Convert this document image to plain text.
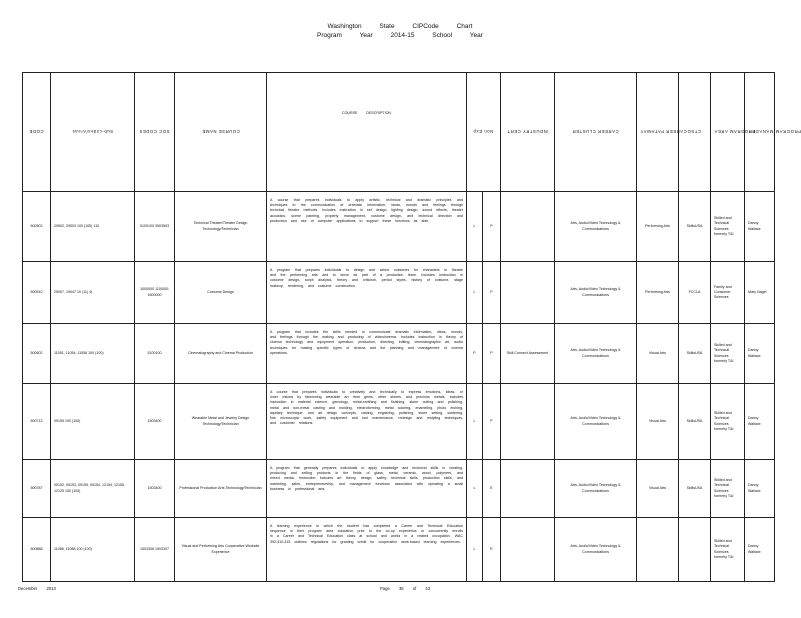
Washington State CIPCode Chart
Program Year 2014-15 School Year
CODE	Sub-codes/Areas	SOC CODES	COURSE NAME	COURSE DESCRIPTION	Non Exp		INDUSTRY CERT	CAREER CLUSTER	CAREER PATHWAY	CTSO	PROGRAM AREA	PROGRAM MANAGER
500502	29502, 29503 100 (105) 110	5100100 3503503	Technical Theater/Theater Design Technology/Technician	A course that prepares individuals to apply artistic, technical and dramatic principles and techniques to the communication of dramatic information, ideas, moods and feelings through technical theatre methods. Includes instruction in set design, lighting design, sound effects, theater acoustics, scene painting, property management, costume design, and technical direction and production and use of computer applications to support these functions as able.	L	P		Arts, Audio/Video Technology & Communications	Performing Arts	SkillsUSA	Skilled and Technical Sciences formerly T&I	Danny Wallace
500510	29007, 19047 10 (11) 4)	1000000 1100001 1600000	Costume Design	A program that prepares individuals to design and select costumes for characters in theatre and the performing arts and to serve as part of a production team. Includes instruction in costume design, script analysis, theory and criticism, period styles, history of costume, stage makeup, rendering, and costume construction.	L	P		Arts, Audio/Video Technology & Communications	Performing Arts	FCCLA	Family and Consumer Sciences	Mary Nagel
500602	11051, 11054, 11058 100 (100)	5100100	Cinematography and Cinema Production	A program that includes the skills needed to communicate dramatic information, ideas, moods, and feelings through the making and producing of video/cinema. Includes instruction in theory of cinema technology and equipment operation, production, directing, editing, cinematographic art, audio techniques for making specific types of cinema and the planning and management of cinema operations.	P	P	Skill Connect Assessment	Arts, Audio/Video Technology & Communications	Visual Arts	SkillsUSA	Skilled and Technical Sciences formerly T&I	Danny Wallace
500713	05155 100 (100)	1503400	Wearable Metal and Jewelry Design Technology/Technician	A course that prepares individuals to creatively and technically to express emotions, ideas, or inner visions by fashioning wearable art from gems, other stones, and precious metals. Includes instruction in material science, gemology, metal-smithing and finishing, stone cutting and polishing, metal and non-metal casting and molding, electroforming, metal coloring, enameling, photo etching, lapidary technique, and art design concepts, casting, engraving, polishing, stone setting, soldering, fine microscopic work, safety equipment and tool maintenance, redesign and restyling techniques, and customer relations.	L	P		Arts, Audio/Video Technology & Communications	Visual Arts	SkillsUSA	Skilled and Technical Sciences formerly T&I	Danny Wallace
500787	05152, 05153, 05155, 05154, 12154, 12155, 12125 100 (100)	1503400	Professional Production Arts Technology/Technician	A program that generally prepares individuals to apply knowledge and technical skills in creating, producing and selling products in the fields of glass, metal, ceramic, wood, polymers, and mixed media. Instruction includes art theory, design, safety, technical skills, production skills, and marketing, sales, entrepreneurship, and management functions associated with operating a small business in professional arts.	L	E		Arts, Audio/Video Technology & Communications	Visual Arts	SkillsUSA	Skilled and Technical Sciences formerly T&I	Danny Wallace
500888	11086, 11088 100 (100)	1503308 1503307	Visual and Performing Arts Cooperative Worksite Experience	A learning experience in which the student has completed a Career and Technical Education sequence in their program area education prior to the co-op experience or concurrently enrolls in a Career and Technical Education class at school and works in a related occupation. WAC 392-410-315 outlines regulations for granting credit for cooperative work-based learning experiences.	L	E		Arts, Audio/Video Technology & Communications			Skilled and Technical Sciences formerly T&I	Danny Wallace
December 2013	Page 35 of 43
